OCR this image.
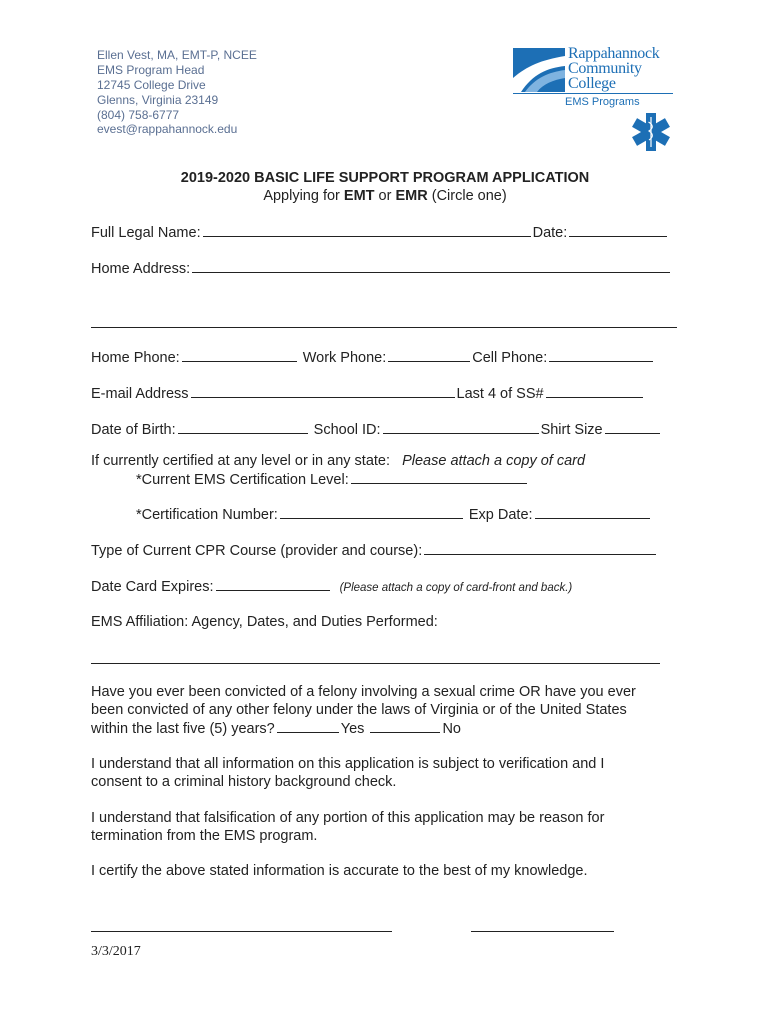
Ellen Vest, MA, EMT-P, NCEE
EMS Program Head
12745 College Drive
Glenns, Virginia 23149
(804) 758-6777
evest@rappahannock.edu
Rappahannock
Community
College
EMS Programs
2019-2020 BASIC LIFE SUPPORT PROGRAM APPLICATION
Applying for EMT or EMR (Circle one)
Full Legal Name:	Date:
Home Address:
Home Phone:	Work Phone:	Cell Phone:
E-mail Address	Last 4 of SS#
Date of Birth:	School ID:	Shirt Size
If currently certified at any level or in any state: Please attach a copy of card
*Current EMS Certification Level:
*Certification Number:	Exp Date:
Type of Current CPR Course (provider and course):
Date Card Expires:	(Please attach a copy of card-front and back.)
EMS Affiliation: Agency, Dates, and Duties Performed:
Have you ever been convicted of a felony involving a sexual crime OR have you ever
been convicted of any other felony under the laws of Virginia or of the United States
within the last five (5) years?	Yes	No
I understand that all information on this application is subject to verification and I
consent to a criminal history background check.
I understand that falsification of any portion of this application may be reason for
termination from the EMS program.
I certify the above stated information is accurate to the best of my knowledge.
3/3/2017
